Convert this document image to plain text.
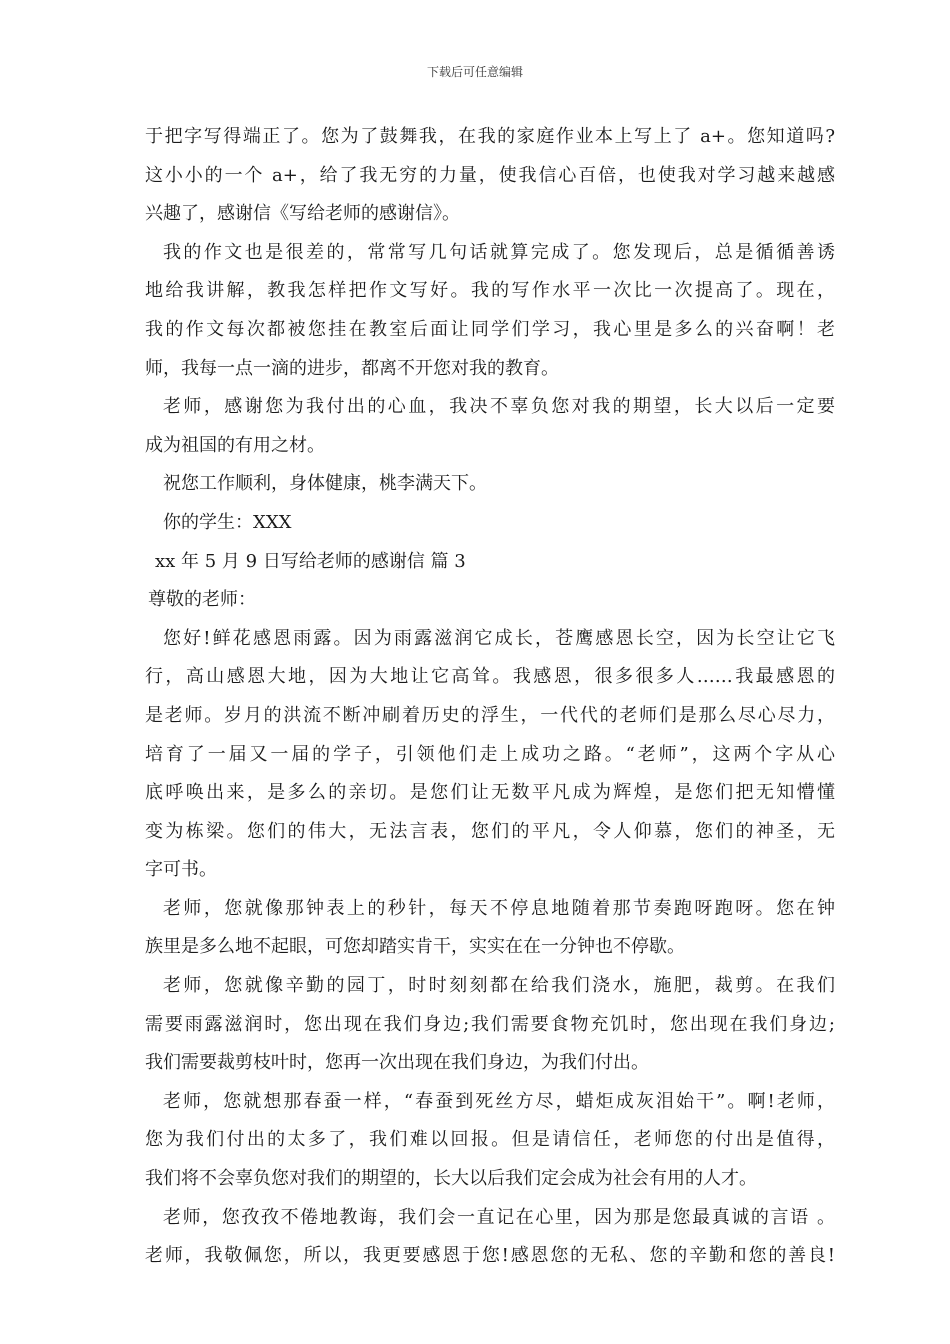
下载后可任意编辑
于把字写得端正了。您为了鼓舞我，在我的家庭作业本上写上了 a+。您知道吗?
这小小的一个 a+，给了我无穷的力量，使我信心百倍，也使我对学习越来越感
兴趣了，感谢信《写给老师的感谢信》。
我的作文也是很差的，常常写几句话就算完成了。您发现后，总是循循善诱
地给我讲解，教我怎样把作文写好。我的写作水平一次比一次提高了。现在，
我的作文每次都被您挂在教室后面让同学们学习，我心里是多么的兴奋啊！老
师，我每一点一滴的进步，都离不开您对我的教育。
老师，感谢您为我付出的心血，我决不辜负您对我的期望，长大以后一定要
成为祖国的有用之材。
祝您工作顺利，身体健康，桃李满天下。
你的学生：XXX
xx 年 5 月 9 日写给老师的感谢信 篇 3
尊敬的老师：
您好!鲜花感恩雨露。因为雨露滋润它成长，苍鹰感恩长空，因为长空让它飞
行，高山感恩大地，因为大地让它高耸。我感恩，很多很多人……我最感恩的
是老师。岁月的洪流不断冲刷着历史的浮生，一代代的老师们是那么尽心尽力，
培育了一届又一届的学子，引领他们走上成功之路。“老师”，这两个字从心
底呼唤出来，是多么的亲切。是您们让无数平凡成为辉煌，是您们把无知懵懂
变为栋梁。您们的伟大，无法言表，您们的平凡，令人仰慕，您们的神圣，无
字可书。
老师，您就像那钟表上的秒针，每天不停息地随着那节奏跑呀跑呀。您在钟
族里是多么地不起眼，可您却踏实肯干，实实在在一分钟也不停歇。
老师，您就像辛勤的园丁，时时刻刻都在给我们浇水，施肥，裁剪。在我们
需要雨露滋润时，您出现在我们身边;我们需要食物充饥时，您出现在我们身边;
我们需要裁剪枝叶时，您再一次出现在我们身边，为我们付出。
老师，您就想那春蚕一样，“春蚕到死丝方尽，蜡炬成灰泪始干”。啊!老师，
您为我们付出的太多了，我们难以回报。但是请信任，老师您的付出是值得，
我们将不会辜负您对我们的期望的，长大以后我们定会成为社会有用的人才。
老师，您孜孜不倦地教诲，我们会一直记在心里，因为那是您最真诚的言语 。
老师，我敬佩您，所以，我更要感恩于您!感恩您的无私、您的辛勤和您的善良!
